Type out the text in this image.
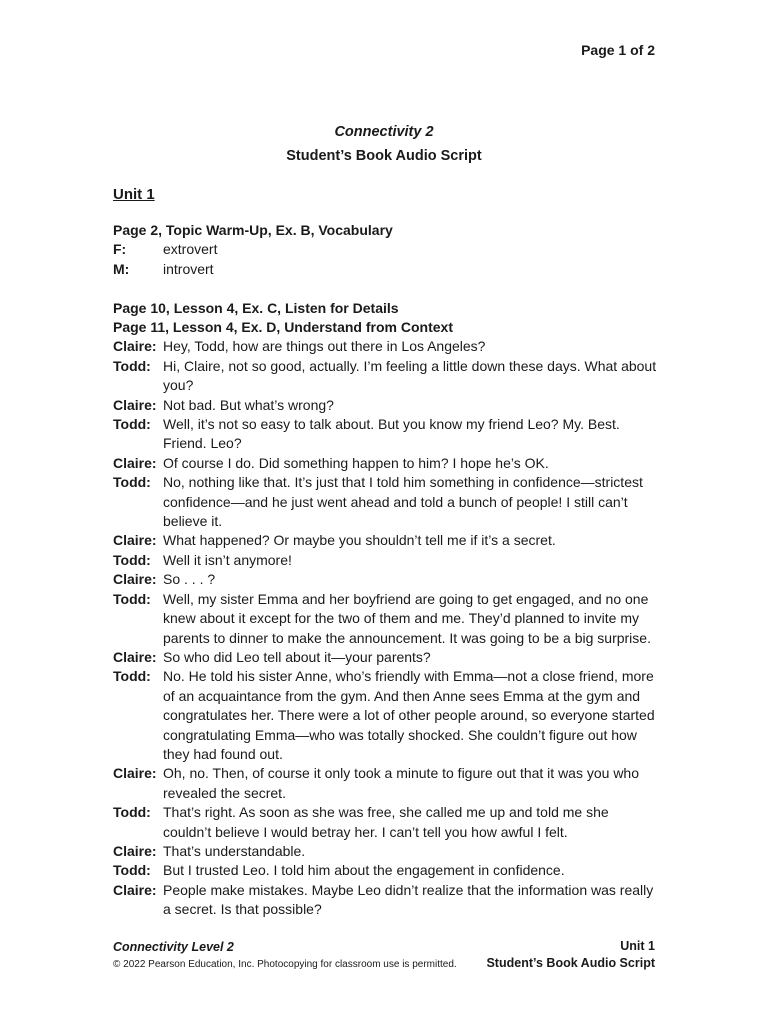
Page 1 of 2
Connectivity 2
Student’s Book Audio Script
Unit 1
Page 2, Topic Warm-Up, Ex. B, Vocabulary
F:	extrovert
M:	introvert
Page 10, Lesson 4, Ex. C, Listen for Details
Page 11, Lesson 4, Ex. D, Understand from Context
Claire: Hey, Todd, how are things out there in Los Angeles?
Todd: Hi, Claire, not so good, actually. I’m feeling a little down these days. What about you?
Claire: Not bad. But what’s wrong?
Todd: Well, it’s not so easy to talk about. But you know my friend Leo? My. Best. Friend. Leo?
Claire: Of course I do. Did something happen to him? I hope he’s OK.
Todd: No, nothing like that. It’s just that I told him something in confidence—strictest confidence—and he just went ahead and told a bunch of people! I still can’t believe it.
Claire: What happened? Or maybe you shouldn’t tell me if it’s a secret.
Todd: Well it isn’t anymore!
Claire: So . . . ?
Todd: Well, my sister Emma and her boyfriend are going to get engaged, and no one knew about it except for the two of them and me. They’d planned to invite my parents to dinner to make the announcement. It was going to be a big surprise.
Claire: So who did Leo tell about it—your parents?
Todd: No. He told his sister Anne, who’s friendly with Emma—not a close friend, more of an acquaintance from the gym. And then Anne sees Emma at the gym and congratulates her. There were a lot of other people around, so everyone started congratulating Emma—who was totally shocked. She couldn’t figure out how they had found out.
Claire: Oh, no. Then, of course it only took a minute to figure out that it was you who revealed the secret.
Todd: That’s right. As soon as she was free, she called me up and told me she couldn’t believe I would betray her. I can’t tell you how awful I felt.
Claire: That’s understandable.
Todd: But I trusted Leo. I told him about the engagement in confidence.
Claire: People make mistakes. Maybe Leo didn’t realize that the information was really a secret. Is that possible?
Connectivity Level 2
© 2022 Pearson Education, Inc. Photocopying for classroom use is permitted.
Unit 1
Student’s Book Audio Script
